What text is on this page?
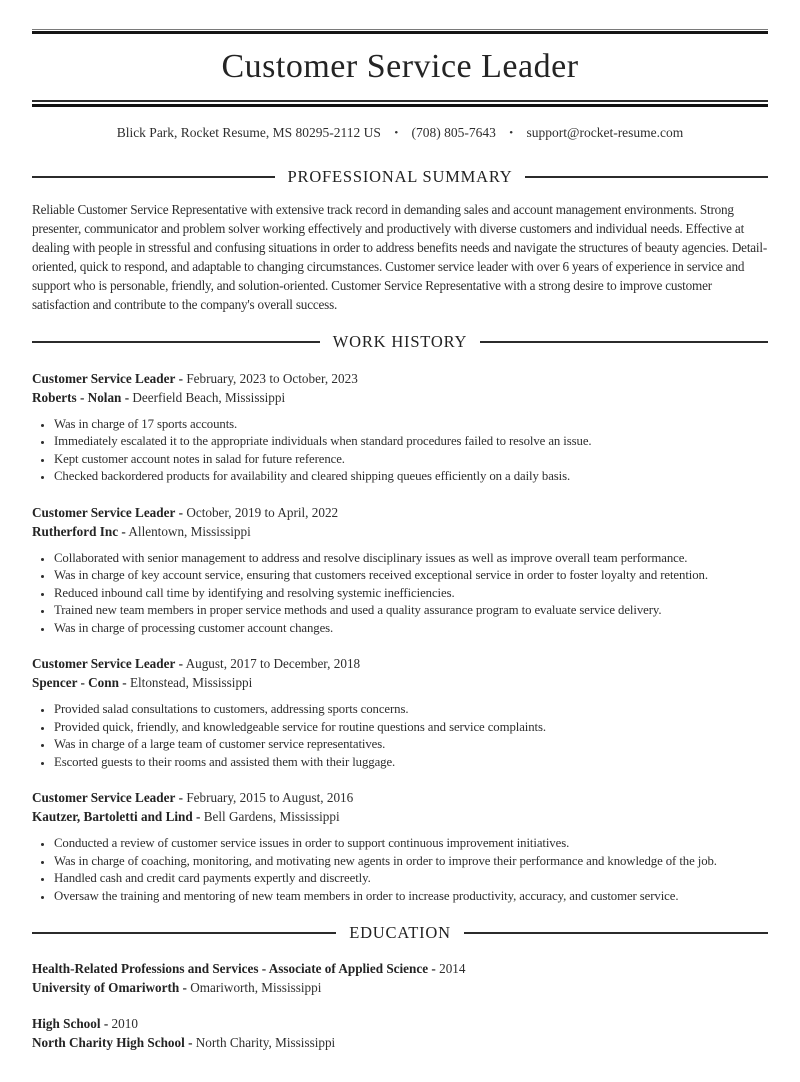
Customer Service Leader
Blick Park, Rocket Resume, MS 80295-2112 US • (708) 805-7643 • support@rocket-resume.com
PROFESSIONAL SUMMARY

Reliable Customer Service Representative with extensive track record in demanding sales and account management environments. Strong presenter, communicator and problem solver working effectively and productively with diverse customers and individual needs. Effective at dealing with people in stressful and confusing situations in order to address benefits needs and navigate the structures of beauty agencies. Detail-oriented, quick to respond, and adaptable to changing circumstances. Customer service leader with over 6 years of experience in service and support who is personable, friendly, and solution-oriented. Customer Service Representative with a strong desire to improve customer satisfaction and contribute to the company's overall success.

WORK HISTORY
Customer Service Leader - February, 2023 to October, 2023
Roberts - Nolan - Deerfield Beach, Mississippi
• Was in charge of 17 sports accounts.
• Immediately escalated it to the appropriate individuals when standard procedures failed to resolve an issue.
• Kept customer account notes in salad for future reference.
• Checked backordered products for availability and cleared shipping queues efficiently on a daily basis.
Customer Service Leader - October, 2019 to April, 2022
Rutherford Inc - Allentown, Mississippi
• Collaborated with senior management to address and resolve disciplinary issues as well as improve overall team performance.
• Was in charge of key account service, ensuring that customers received exceptional service in order to foster loyalty and retention.
• Reduced inbound call time by identifying and resolving systemic inefficiencies.
• Trained new team members in proper service methods and used a quality assurance program to evaluate service delivery.
• Was in charge of processing customer account changes.
Customer Service Leader - August, 2017 to December, 2018
Spencer - Conn - Eltonstead, Mississippi
• Provided salad consultations to customers, addressing sports concerns.
• Provided quick, friendly, and knowledgeable service for routine questions and service complaints.
• Was in charge of a large team of customer service representatives.
• Escorted guests to their rooms and assisted them with their luggage.
Customer Service Leader - February, 2015 to August, 2016
Kautzer, Bartoletti and Lind - Bell Gardens, Mississippi
• Conducted a review of customer service issues in order to support continuous improvement initiatives.
• Was in charge of coaching, monitoring, and motivating new agents in order to improve their performance and knowledge of the job.
• Handled cash and credit card payments expertly and discreetly.
• Oversaw the training and mentoring of new team members in order to increase productivity, accuracy, and customer service.
EDUCATION
Health-Related Professions and Services - Associate of Applied Science - 2014
University of Omariworth - Omariworth, Mississippi
High School - 2010
North Charity High School - North Charity, Mississippi
